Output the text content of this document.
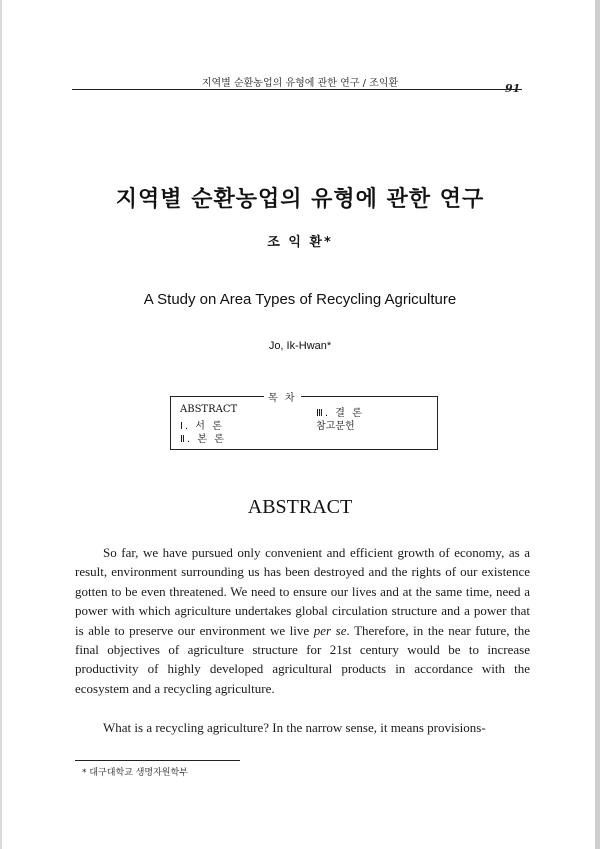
지역별 순환농업의 유형에 관한 연구 / 조익환	91
지역별 순환농업의 유형에 관한 연구
조 익 환*
A Study on Area Types of Recycling Agriculture
Jo, Ik-Hwan*
목 차
ABSTRACT
Ⅰ. 서 론
Ⅱ. 본 론
Ⅲ. 결 론
참고문헌
ABSTRACT

So far, we have pursued only convenient and efficient growth of economy, as a result, environment surrounding us has been destroyed and the rights of our existence gotten to be even threatened. We need to ensure our lives and at the same time, need a power with which agriculture undertakes global circulation structure and a power that is able to preserve our environment we live per se. Therefore, in the near future, the final objectives of agriculture structure for 21st century would be to increase productivity of highly developed agricultural products in accordance with the ecosystem and a recycling agriculture.

What is a recycling agriculture? In the narrow sense, it means provisions-

* 대구대학교 생명자원학부
